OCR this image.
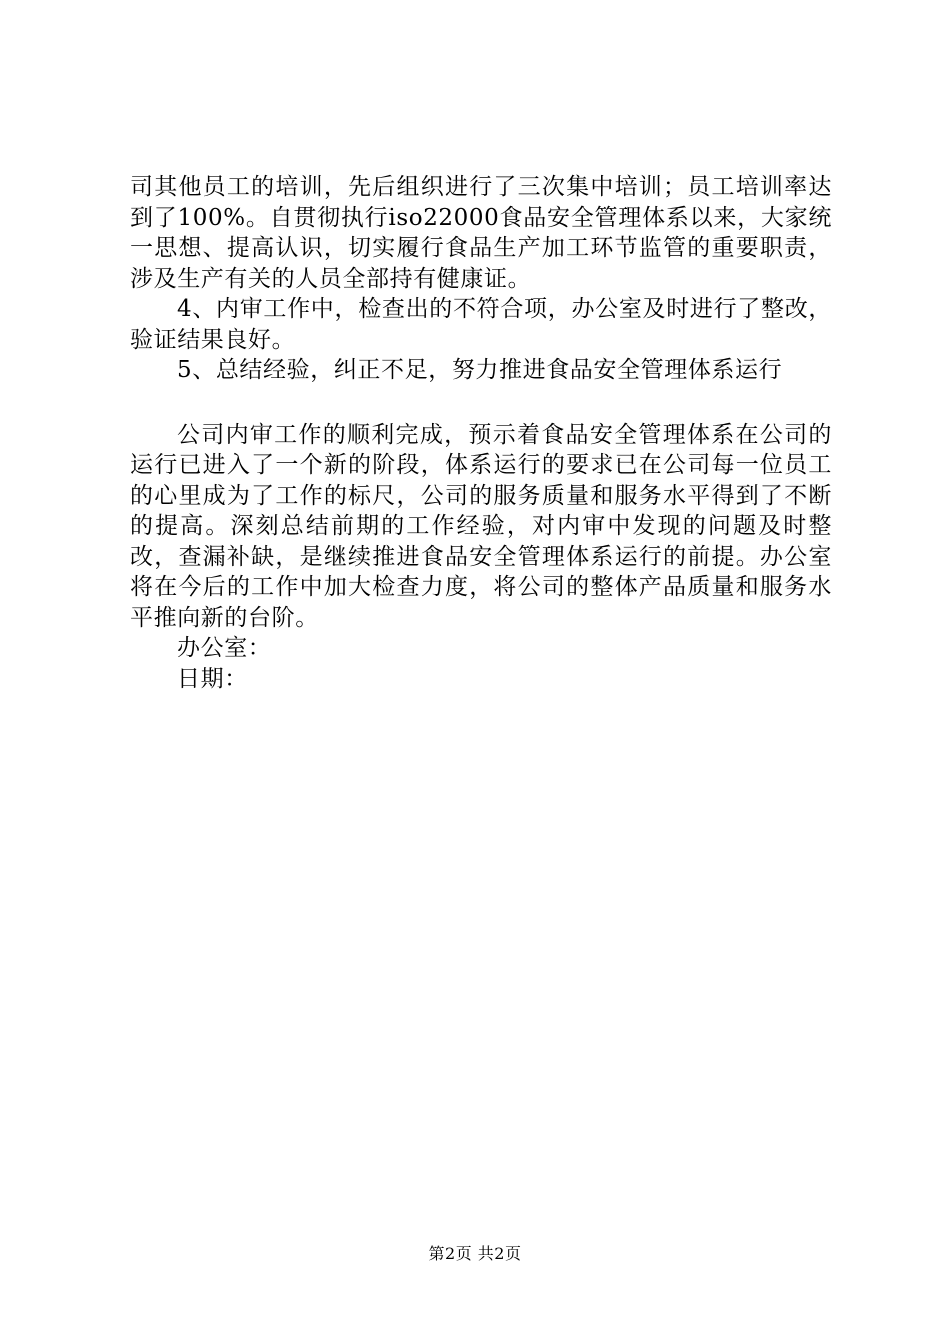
司其他员工的培训，先后组织进行了三次集中培训；员工培训率达到了100%。自贯彻执行iso22000食品安全管理体系以来，大家统一思想、提高认识，切实履行食品生产加工环节监管的重要职责，涉及生产有关的人员全部持有健康证。

4、内审工作中，检查出的不符合项，办公室及时进行了整改，验证结果良好。

5、总结经验，纠正不足，努力推进食品安全管理体系运行

公司内审工作的顺利完成，预示着食品安全管理体系在公司的运行已进入了一个新的阶段，体系运行的要求已在公司每一位员工的心里成为了工作的标尺，公司的服务质量和服务水平得到了不断的提高。深刻总结前期的工作经验，对内审中发现的问题及时整改，查漏补缺，是继续推进食品安全管理体系运行的前提。办公室将在今后的工作中加大检查力度，将公司的整体产品质量和服务水平推向新的台阶。

办公室：

日期：

第2页 共2页
